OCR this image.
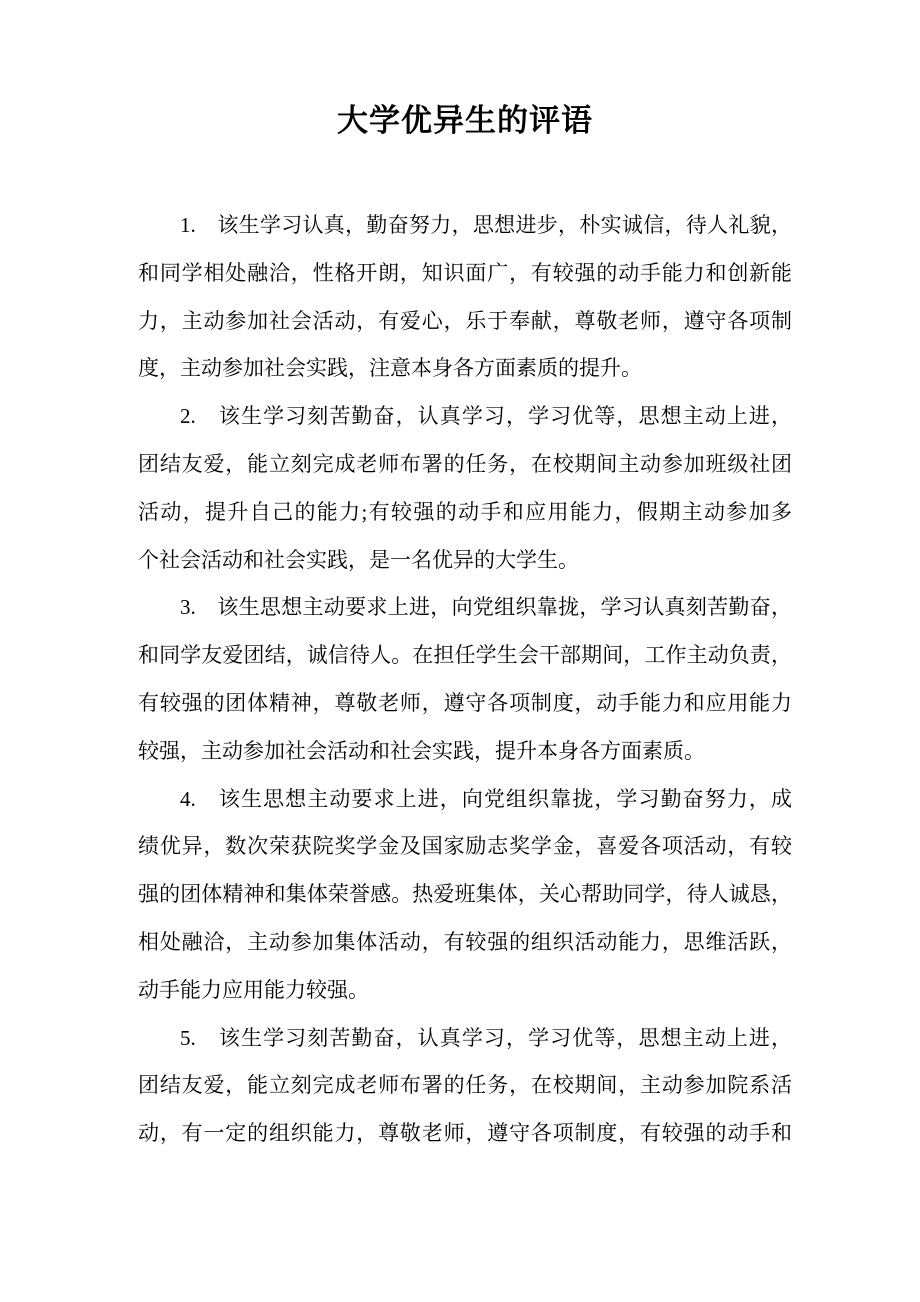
大学优异生的评语
1.　该生学习认真，勤奋努力，思想进步，朴实诚信，待人礼貌，
和同学相处融洽，性格开朗，知识面广，有较强的动手能力和创新能
力，主动参加社会活动，有爱心，乐于奉献，尊敬老师，遵守各项制
度，主动参加社会实践，注意本身各方面素质的提升。
2.　该生学习刻苦勤奋，认真学习，学习优等，思想主动上进，
团结友爱，能立刻完成老师布署的任务，在校期间主动参加班级社团
活动，提升自己的能力;有较强的动手和应用能力，假期主动参加多
个社会活动和社会实践，是一名优异的大学生。
3.　该生思想主动要求上进，向党组织靠拢，学习认真刻苦勤奋，
和同学友爱团结，诚信待人。在担任学生会干部期间，工作主动负责，
有较强的团体精神，尊敬老师，遵守各项制度，动手能力和应用能力
较强，主动参加社会活动和社会实践，提升本身各方面素质。
4.　该生思想主动要求上进，向党组织靠拢，学习勤奋努力，成
绩优异，数次荣获院奖学金及国家励志奖学金，喜爱各项活动，有较
强的团体精神和集体荣誉感。热爱班集体，关心帮助同学，待人诚恳，
相处融洽，主动参加集体活动，有较强的组织活动能力，思维活跃，
动手能力应用能力较强。
5.　该生学习刻苦勤奋，认真学习，学习优等，思想主动上进，
团结友爱，能立刻完成老师布署的任务，在校期间，主动参加院系活
动，有一定的组织能力，尊敬老师，遵守各项制度，有较强的动手和
